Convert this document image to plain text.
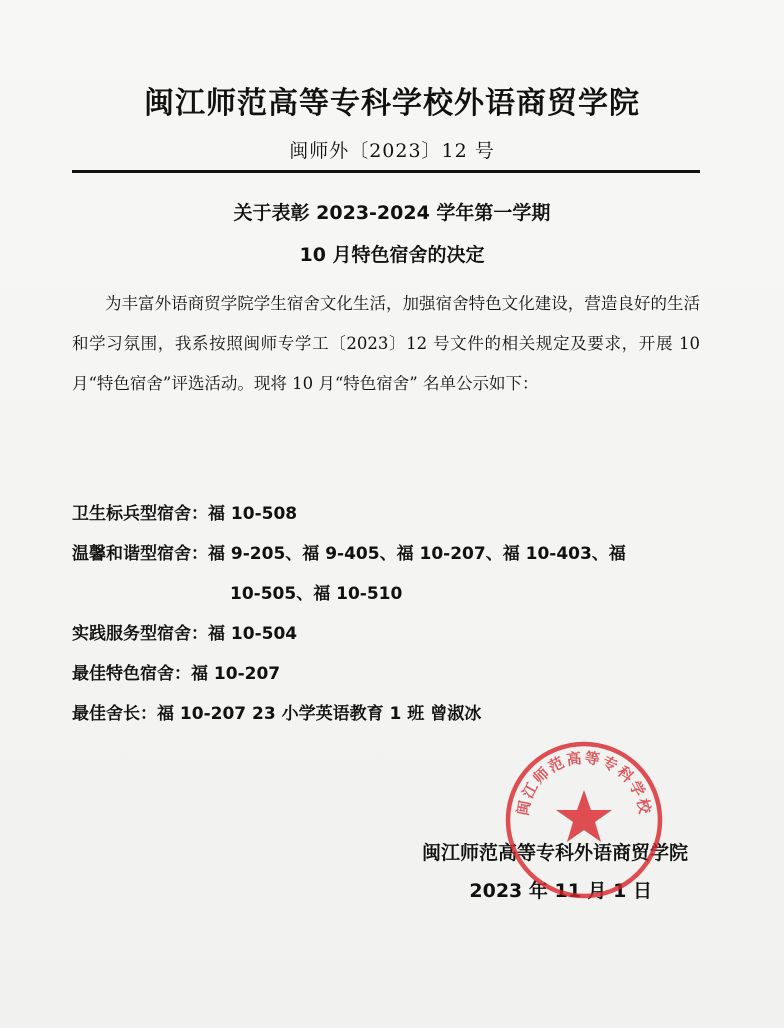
闽江师范高等专科学校外语商贸学院
闽师外〔2023〕12 号
关于表彰 2023-2024 学年第一学期
10 月特色宿舍的决定

为丰富外语商贸学院学生宿舍文化生活，加强宿舍特色文化建设，营造良好的生活和学习氛围，我系按照闽师专学工〔2023〕12 号文件的相关规定及要求，开展 10 月“特色宿舍”评选活动。现将 10 月“特色宿舍” 名单公示如下：

卫生标兵型宿舍： 福 10-508
温馨和谐型宿舍： 福 9-205、福 9-405、福 10-207、福 10-403、福
10-505、福 10-510
实践服务型宿舍： 福 10-504
最佳特色宿舍： 福 10-207
最佳舍长： 福 10-207 23 小学英语教育 1 班 曾淑冰
闽江师范高等专科外语商贸学院
2023 年 11 月 1 日
闽江师范高等专科学校
